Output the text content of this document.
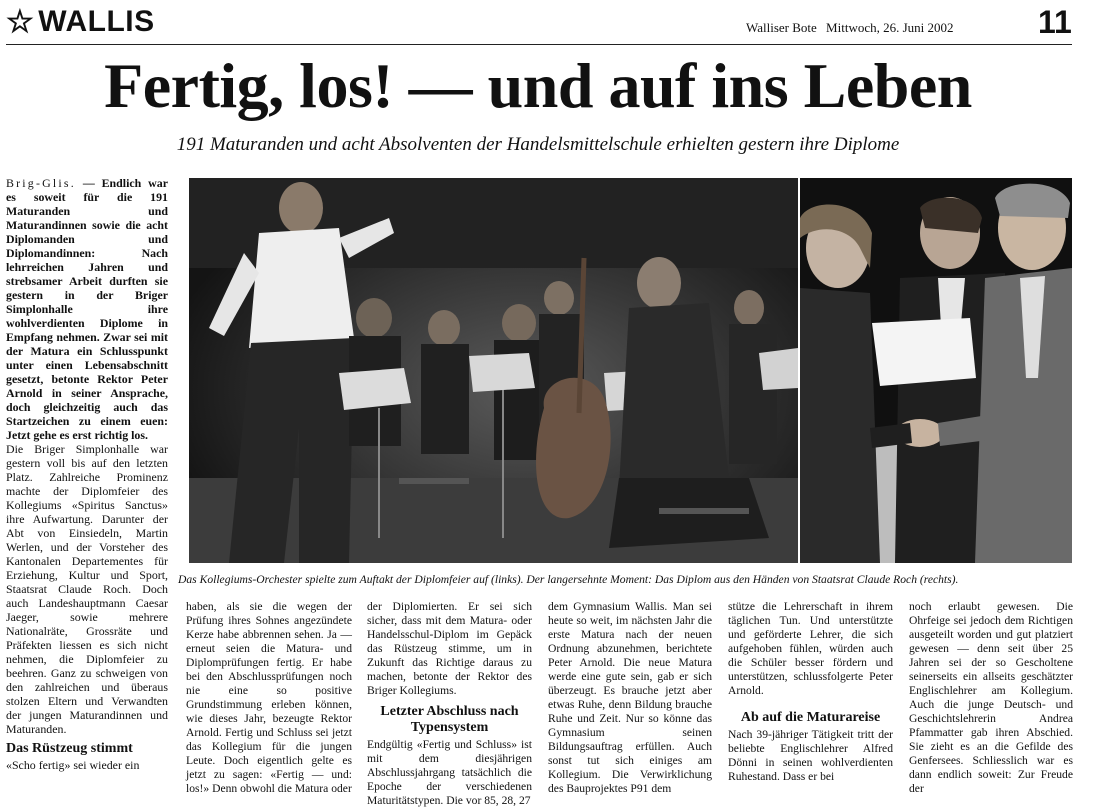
☆ WALLIS	Walliser Bote Mittwoch, 26. Juni 2002	11
Fertig, los! — und auf ins Leben
191 Maturanden und acht Absolventen der Handelsmittelschule erhielten gestern ihre Diplome

Brig-Glis. — Endlich war es soweit für die 191 Maturanden und Maturandinnen sowie die acht Diplomanden und Diplomandinnen: Nach lehrreichen Jahren und strebsamer Arbeit durften sie gestern in der Briger Simplonhalle ihre wohlverdienten Diplome in Empfang nehmen. Zwar sei mit der Matura ein Schlusspunkt unter einen Lebensabschnitt gesetzt, betonte Rektor Peter Arnold in seiner Ansprache, doch gleichzeitig auch das Startzeichen zu einem euen: Jetzt gehe es erst richtig los.

Die Briger Simplonhalle war gestern voll bis auf den letzten Platz. Zahlreiche Prominenz machte der Diplomfeier des Kollegiums «Spiritus Sanctus» ihre Aufwartung. Darunter der Abt von Einsiedeln, Martin Werlen, und der Vorsteher des Kantonalen Departementes für Erziehung, Kultur und Sport, Staatsrat Claude Roch. Doch auch Landeshauptmann Caesar Jaeger, sowie mehrere Nationalräte, Grossräte und Präfekten liessen es sich nicht nehmen, die Diplomfeier zu beehren. Ganz zu schweigen von den zahlreichen und überaus stolzen Eltern und Verwandten der jungen Maturandinnen und Maturanden.

Das Rüstzeug stimmt

«Scho fertig» sei wieder ein

Das Kollegiums-Orchester spielte zum Auftakt der Diplomfeier auf (links). Der langersehnte Moment: Das Diplom aus den Händen von Staatsrat Claude Roch (rechts).

haben, als sie die wegen der Prüfung ihres Sohnes angezündete Kerze habe abbrennen sehen. Ja — erneut seien die Matura- und Diplomprüfungen fertig. Er habe bei den Abschlussprüfungen noch nie eine so positive Grundstimmung erleben können, wie dieses Jahr, bezeugte Rektor Arnold. Fertig und Schluss sei jetzt das Kollegium für die jungen Leute. Doch eigentlich gelte es jetzt zu sagen: «Fertig — und: los!» Denn obwohl die Matura oder

der Diplomierten. Er sei sich sicher, dass mit dem Matura- oder Handelsschul-Diplom im Gepäck das Rüstzeug stimme, um in Zukunft das Richtige daraus zu machen, betonte der Rektor des Briger Kollegiums.

Letzter Abschluss nach Typensystem

Endgültig «Fertig und Schluss» ist mit dem diesjährigen Abschlussjahrgang tatsächlich die Epoche der verschiedenen Maturitätstypen. Die vor 85, 28, 27

dem Gymnasium Wallis. Man sei heute so weit, im nächsten Jahr die erste Matura nach der neuen Ordnung abzunehmen, berichtete Peter Arnold. Die neue Matura werde eine gute sein, gab er sich überzeugt. Es brauche jetzt aber etwas Ruhe, denn Bildung brauche Ruhe und Zeit. Nur so könne das Gymnasium seinen Bildungsauftrag erfüllen. Auch sonst tut sich einiges am Kollegium. Die Verwirklichung des Bauprojektes P91 dem

stütze die Lehrerschaft in ihrem täglichen Tun. Und unterstützte und geförderte Lehrer, die sich aufgehoben fühlen, würden auch die Schüler besser fördern und unterstützen, schlussfolgerte Peter Arnold.

Ab auf die Maturareise

Nach 39-jähriger Tätigkeit tritt der beliebte Englischlehrer Alfred Dönni in seinen wohlverdienten Ruhestand. Dass er bei

noch erlaubt gewesen. Die Ohrfeige sei jedoch dem Richtigen ausgeteilt worden und gut platziert gewesen — denn seit über 25 Jahren sei der so Gescholtene seinerseits ein allseits geschätzter Englischlehrer am Kollegium. Auch die junge Deutsch- und Geschichtslehrerin Andrea Pfammatter gab ihren Abschied. Sie zieht es an die Gefilde des Genfersees. Schliesslich war es dann endlich soweit: Zur Freude der
